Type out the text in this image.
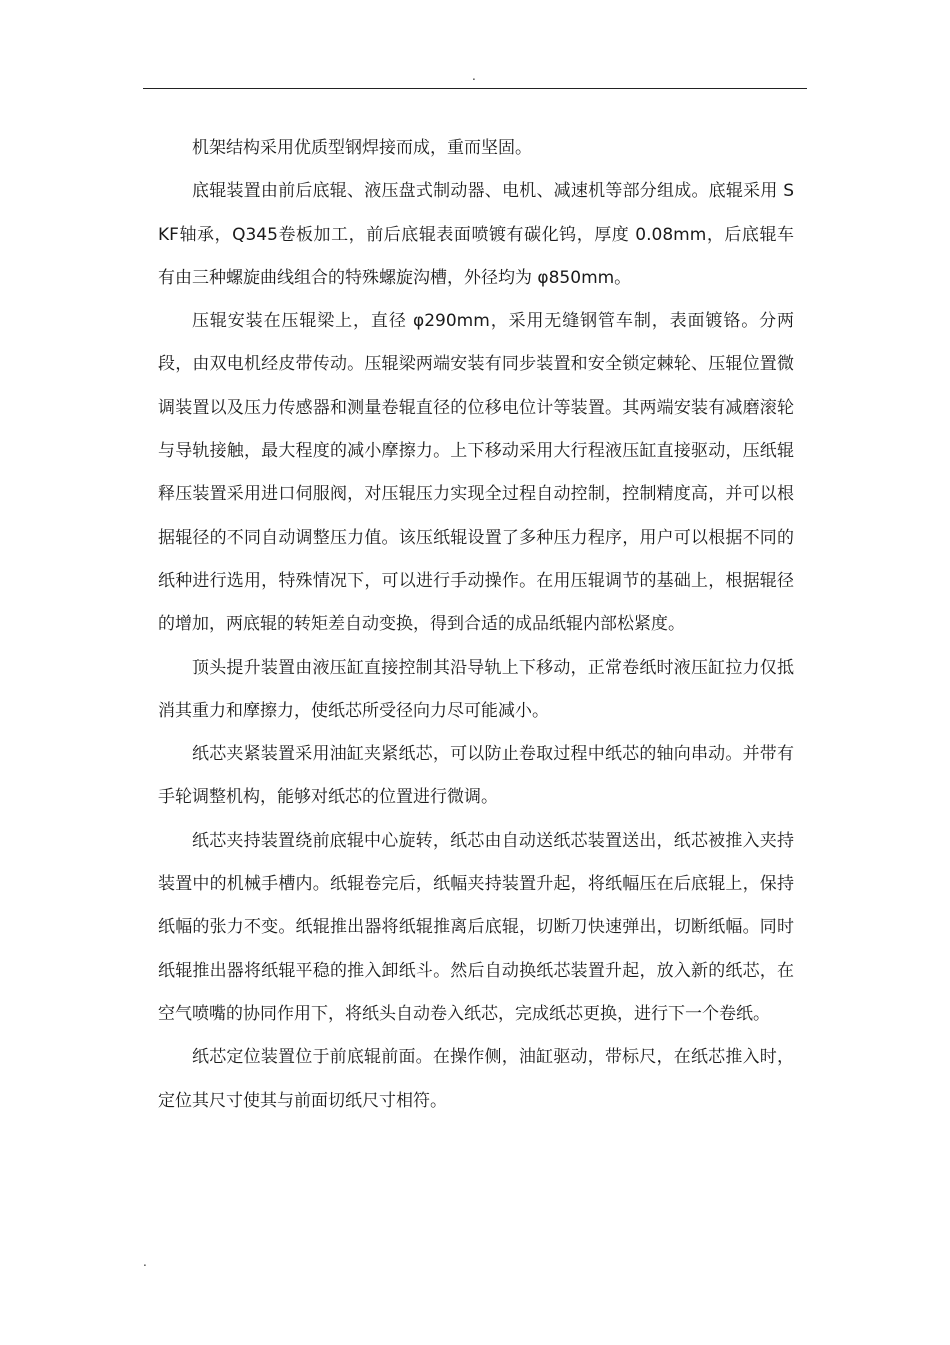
.

机架结构采用优质型钢焊接而成，重而坚固。

底辊装置由前后底辊、液压盘式制动器、电机、减速机等部分组成。底辊采用 SKF轴承，Q345卷板加工，前后底辊表面喷镀有碳化钨，厚度 0.08mm，后底辊车有由三种螺旋曲线组合的特殊螺旋沟槽，外径均为 φ850mm。

压辊安装在压辊梁上，直径 φ290mm，采用无缝钢管车制，表面镀铬。分两段，由双电机经皮带传动。压辊梁两端安装有同步装置和安全锁定棘轮、压辊位置微调装置以及压力传感器和测量卷辊直径的位移电位计等装置。其两端安装有减磨滚轮与导轨接触，最大程度的减小摩擦力。上下移动采用大行程液压缸直接驱动，压纸辊释压装置采用进口伺服阀，对压辊压力实现全过程自动控制，控制精度高，并可以根据辊径的不同自动调整压力值。该压纸辊设置了多种压力程序，用户可以根据不同的纸种进行选用，特殊情况下，可以进行手动操作。在用压辊调节的基础上，根据辊径的增加，两底辊的转矩差自动变换，得到合适的成品纸辊内部松紧度。

顶头提升装置由液压缸直接控制其沿导轨上下移动，正常卷纸时液压缸拉力仅抵消其重力和摩擦力，使纸芯所受径向力尽可能减小。

纸芯夹紧装置采用油缸夹紧纸芯，可以防止卷取过程中纸芯的轴向串动。并带有手轮调整机构，能够对纸芯的位置进行微调。

纸芯夹持装置绕前底辊中心旋转，纸芯由自动送纸芯装置送出，纸芯被推入夹持装置中的机械手槽内。纸辊卷完后，纸幅夹持装置升起，将纸幅压在后底辊上，保持纸幅的张力不变。纸辊推出器将纸辊推离后底辊，切断刀快速弹出，切断纸幅。同时纸辊推出器将纸辊平稳的推入卸纸斗。然后自动换纸芯装置升起，放入新的纸芯，在空气喷嘴的协同作用下，将纸头自动卷入纸芯，完成纸芯更换，进行下一个卷纸。

纸芯定位装置位于前底辊前面。在操作侧，油缸驱动，带标尺，在纸芯推入时，定位其尺寸使其与前面切纸尺寸相符。

.
